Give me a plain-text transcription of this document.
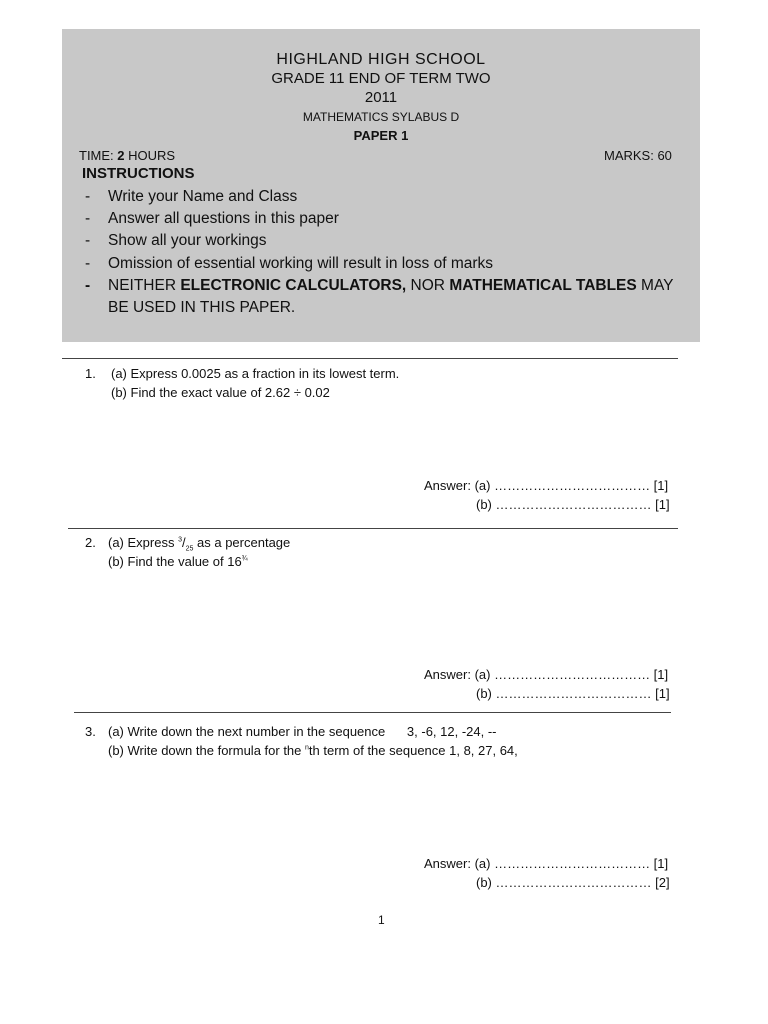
HIGHLAND HIGH SCHOOL
GRADE 11 END OF TERM TWO
2011
MATHEMATICS SYLABUS D
PAPER 1
TIME: 2 HOURS	MARKS: 60
INSTRUCTIONS
- Write your Name and Class
- Answer all questions in this paper
- Show all your workings
- Omission of essential working will result in loss of marks
- NEITHER ELECTRONIC CALCULATORS, NOR MATHEMATICAL TABLES MAY
BE USED IN THIS PAPER.
1. (a) Express 0.0025 as a fraction in its lowest term.
(b) Find the exact value of 2.62 ÷ 0.02
Answer: (a) ……………………………… [1]
(b) ……………………………… [1]
2. (a) Express $^3/_{25}$ as a percentage
(b) Find the value of $16^{\frac{3}{4}}$
Answer: (a) ……………………………… [1]
(b) ……………………………… [1]
3. (a) Write down the next number in the sequence      3, -6, 12, -24, --
(b) Write down the formula for the $^n$th term of the sequence 1, 8, 27, 64,
Answer: (a) ……………………………… [1]
(b) ……………………………… [2]
1
